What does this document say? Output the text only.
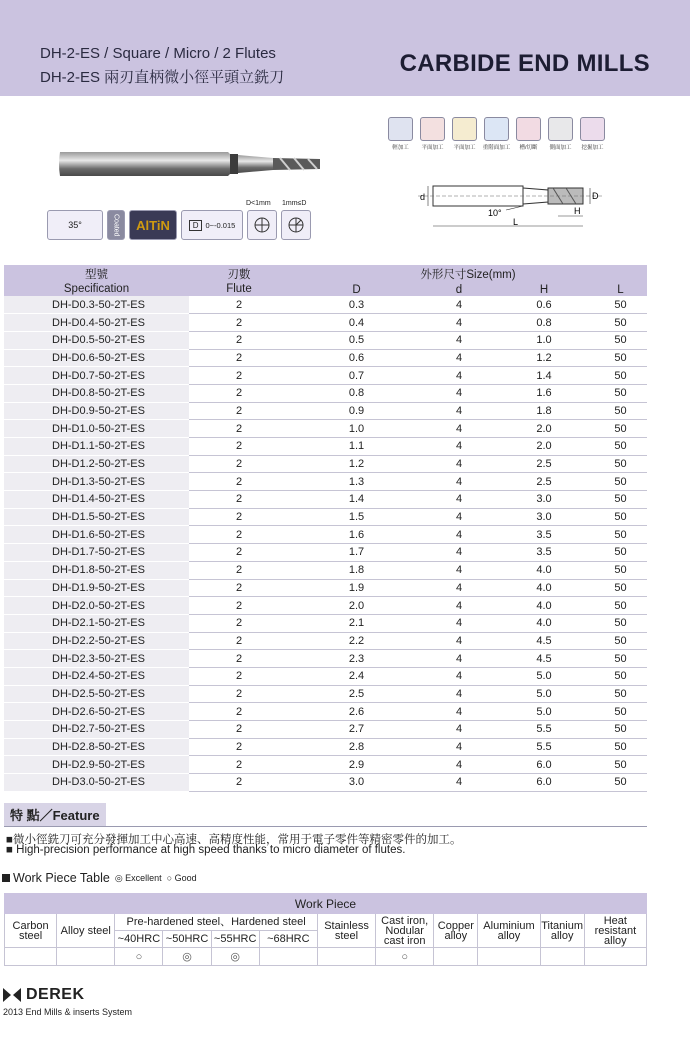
DH-2-ES / Square / Micro / 2 Flutes
DH-2-ES 兩刃直柄微小徑平頭立銑刀
CARBIDE END MILLS
輕加工	平面加工	平面加工	重階面加工	槽/切斷	側面加工	挖掘加工
d	D
H
L
10°
35°	Coated	AlTiN	D 0~-0.015
D<1mm 1mm≤D
型號	刃數	外形尺寸Size(mm)			
Specification	Flute	D	d	H	L
DH-D0.3-50-2T-ES	2	0.3	4	0.6	50
DH-D0.4-50-2T-ES	2	0.4	4	0.8	50
DH-D0.5-50-2T-ES	2	0.5	4	1.0	50
DH-D0.6-50-2T-ES	2	0.6	4	1.2	50
DH-D0.7-50-2T-ES	2	0.7	4	1.4	50
DH-D0.8-50-2T-ES	2	0.8	4	1.6	50
DH-D0.9-50-2T-ES	2	0.9	4	1.8	50
DH-D1.0-50-2T-ES	2	1.0	4	2.0	50
DH-D1.1-50-2T-ES	2	1.1	4	2.0	50
DH-D1.2-50-2T-ES	2	1.2	4	2.5	50
DH-D1.3-50-2T-ES	2	1.3	4	2.5	50
DH-D1.4-50-2T-ES	2	1.4	4	3.0	50
DH-D1.5-50-2T-ES	2	1.5	4	3.0	50
DH-D1.6-50-2T-ES	2	1.6	4	3.5	50
DH-D1.7-50-2T-ES	2	1.7	4	3.5	50
DH-D1.8-50-2T-ES	2	1.8	4	4.0	50
DH-D1.9-50-2T-ES	2	1.9	4	4.0	50
DH-D2.0-50-2T-ES	2	2.0	4	4.0	50
DH-D2.1-50-2T-ES	2	2.1	4	4.0	50
DH-D2.2-50-2T-ES	2	2.2	4	4.5	50
DH-D2.3-50-2T-ES	2	2.3	4	4.5	50
DH-D2.4-50-2T-ES	2	2.4	4	5.0	50
DH-D2.5-50-2T-ES	2	2.5	4	5.0	50
DH-D2.6-50-2T-ES	2	2.6	4	5.0	50
DH-D2.7-50-2T-ES	2	2.7	4	5.5	50
DH-D2.8-50-2T-ES	2	2.8	4	5.5	50
DH-D2.9-50-2T-ES	2	2.9	4	6.0	50
DH-D3.0-50-2T-ES	2	3.0	4	6.0	50
特 點／Feature
■微小徑銑刀可充分發揮加工中心高速、高精度性能，常用于電子零件等精密零件的加工。
■ High-precision performance at high speed thanks to micro diameter of flutes.
Work Piece Table ◎ Excellent ○ Good
Work Piece											
Carbon steel	Alloy steel	Pre-hardened steel、Hardened steel				Stainless steel	Cast iron, Nodular cast iron	Copper alloy	Aluminium alloy	Titanium alloy	Heat resistant alloy
		~40HRC	~50HRC	~55HRC	~68HRC						
		○	◎	◎			○				
DEREK
2013 End Mills & inserts System
